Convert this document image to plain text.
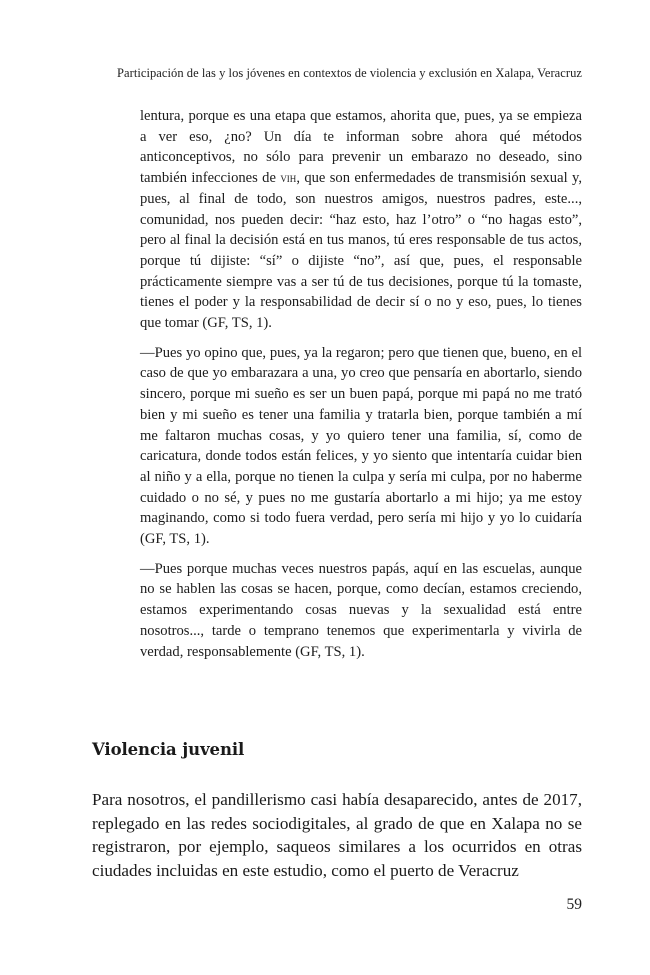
Participación de las y los jóvenes en contextos de violencia y exclusión en Xalapa, Veracruz

lentura, porque es una etapa que estamos, ahorita que, pues, ya se empieza a ver eso, ¿no? Un día te informan sobre ahora qué métodos anticonceptivos, no sólo para prevenir un embarazo no deseado, sino también infecciones de vih, que son enfermedades de transmisión sexual y, pues, al final de todo, son nuestros amigos, nuestros padres, este..., comunidad, nos pueden decir: “haz esto, haz l’otro” o “no hagas esto”, pero al final la decisión está en tus manos, tú eres responsable de tus actos, porque tú dijiste: “sí” o dijiste “no”, así que, pues, el responsable prácticamente siempre vas a ser tú de tus decisiones, porque tú la tomaste, tienes el poder y la responsabilidad de decir sí o no y eso, pues, lo tienes que tomar (GF, TS, 1).

—Pues yo opino que, pues, ya la regaron; pero que tienen que, bueno, en el caso de que yo embarazara a una, yo creo que pensaría en abortarlo, siendo sincero, porque mi sueño es ser un buen papá, porque mi papá no me trató bien y mi sueño es tener una familia y tratarla bien, porque también a mí me faltaron muchas cosas, y yo quiero tener una familia, sí, como de caricatura, donde todos están felices, y yo siento que intentaría cuidar bien al niño y a ella, porque no tienen la culpa y sería mi culpa, por no haberme cuidado o no sé, y pues no me gustaría abortarlo a mi hijo; ya me estoy maginando, como si todo fuera verdad, pero sería mi hijo y yo lo cuidaría (GF, TS, 1).

—Pues porque muchas veces nuestros papás, aquí en las escuelas, aunque no se hablen las cosas se hacen, porque, como decían, estamos creciendo, estamos experimentando cosas nuevas y la sexualidad está entre nosotros..., tarde o temprano tenemos que experimentarla y vivirla de verdad, responsablemente (GF, TS, 1).

Violencia juvenil

Para nosotros, el pandillerismo casi había desaparecido, antes de 2017, replegado en las redes sociodigitales, al grado de que en Xalapa no se registraron, por ejemplo, saqueos similares a los ocurridos en otras ciudades incluidas en este estudio, como el puerto de Veracruz

59
